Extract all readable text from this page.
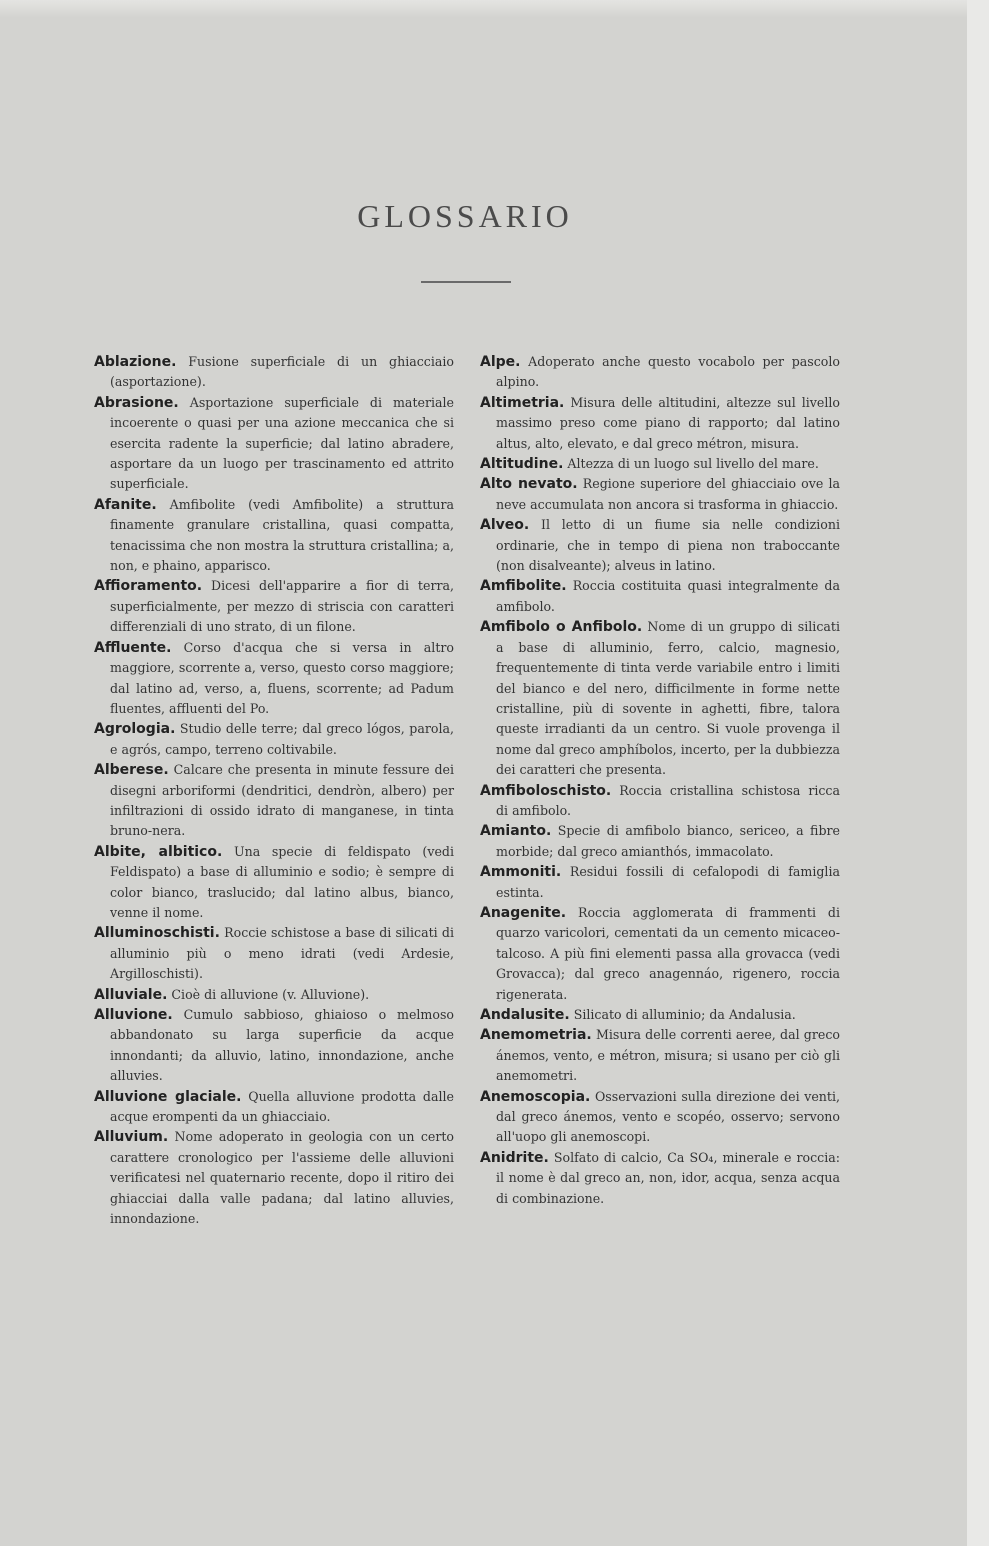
GLOSSARIO

Ablazione. Fusione superficiale di un ghiacciaio (asportazione).

Abrasione. Asportazione superficiale di materiale incoerente o quasi per una azione meccanica che si esercita radente la superficie; dal latino abradere, asportare da un luogo per trascinamento ed attrito superficiale.

Afanite. Amfibolite (vedi Amfibolite) a struttura finamente granulare cristallina, quasi compatta, tenacissima che non mostra la struttura cristallina; a, non, e phaino, apparisco.

Affioramento. Dicesi dell'apparire a fior di terra, superficialmente, per mezzo di striscia con caratteri differenziali di uno strato, di un filone.

Affluente. Corso d'acqua che si versa in altro maggiore, scorrente a, verso, questo corso maggiore; dal latino ad, verso, a, fluens, scorrente; ad Padum fluentes, affluenti del Po.

Agrologia. Studio delle terre; dal greco lógos, parola, e agrós, campo, terreno coltivabile.

Alberese. Calcare che presenta in minute fessure dei disegni arboriformi (dendritici, dendròn, albero) per infiltrazioni di ossido idrato di manganese, in tinta bruno-nera.

Albite, albitico. Una specie di feldispato (vedi Feldispato) a base di alluminio e sodio; è sempre di color bianco, traslucido; dal latino albus, bianco, venne il nome.

Alluminoschisti. Roccie schistose a base di silicati di alluminio più o meno idrati (vedi Ardesie, Argilloschisti).

Alluviale. Cioè di alluvione (v. Alluvione).

Alluvione. Cumulo sabbioso, ghiaioso o melmoso abbandonato su larga superficie da acque innondanti; da alluvio, latino, innondazione, anche alluvies.

Alluvione glaciale. Quella alluvione prodotta dalle acque erompenti da un ghiacciaio.

Alluvium. Nome adoperato in geologia con un certo carattere cronologico per l'assieme delle alluvioni verificatesi nel quaternario recente, dopo il ritiro dei ghiacciai dalla valle padana; dal latino alluvies, innondazione.

Alpe. Adoperato anche questo vocabolo per pascolo alpino.

Altimetria. Misura delle altitudini, altezze sul livello massimo preso come piano di rapporto; dal latino altus, alto, elevato, e dal greco métron, misura.

Altitudine. Altezza di un luogo sul livello del mare.

Alto nevato. Regione superiore del ghiacciaio ove la neve accumulata non ancora si trasforma in ghiaccio.

Alveo. Il letto di un fiume sia nelle condizioni ordinarie, che in tempo di piena non traboccante (non disalveante); alveus in latino.

Amfibolite. Roccia costituita quasi integralmente da amfibolo.

Amfibolo o Anfibolo. Nome di un gruppo di silicati a base di alluminio, ferro, calcio, magnesio, frequentemente di tinta verde variabile entro i limiti del bianco e del nero, difficilmente in forme nette cristalline, più di sovente in aghetti, fibre, talora queste irradianti da un centro. Si vuole provenga il nome dal greco amphíbolos, incerto, per la dubbiezza dei caratteri che presenta.

Amfiboloschisto. Roccia cristallina schistosa ricca di amfibolo.

Amianto. Specie di amfibolo bianco, sericeo, a fibre morbide; dal greco amianthós, immacolato.

Ammoniti. Residui fossili di cefalopodi di famiglia estinta.

Anagenite. Roccia agglomerata di frammenti di quarzo varicolori, cementati da un cemento micaceo-talcoso. A più fini elementi passa alla grovacca (vedi Grovacca); dal greco anagennáo, rigenero, roccia rigenerata.

Andalusite. Silicato di alluminio; da Andalusia.

Anemometria. Misura delle correnti aeree, dal greco ánemos, vento, e métron, misura; si usano per ciò gli anemometri.

Anemoscopia. Osservazioni sulla direzione dei venti, dal greco ánemos, vento e scopéo, osservo; servono all'uopo gli anemoscopi.

Anidrite. Solfato di calcio, Ca SO₄, minerale e roccia: il nome è dal greco an, non, idor, acqua, senza acqua di combinazione.
